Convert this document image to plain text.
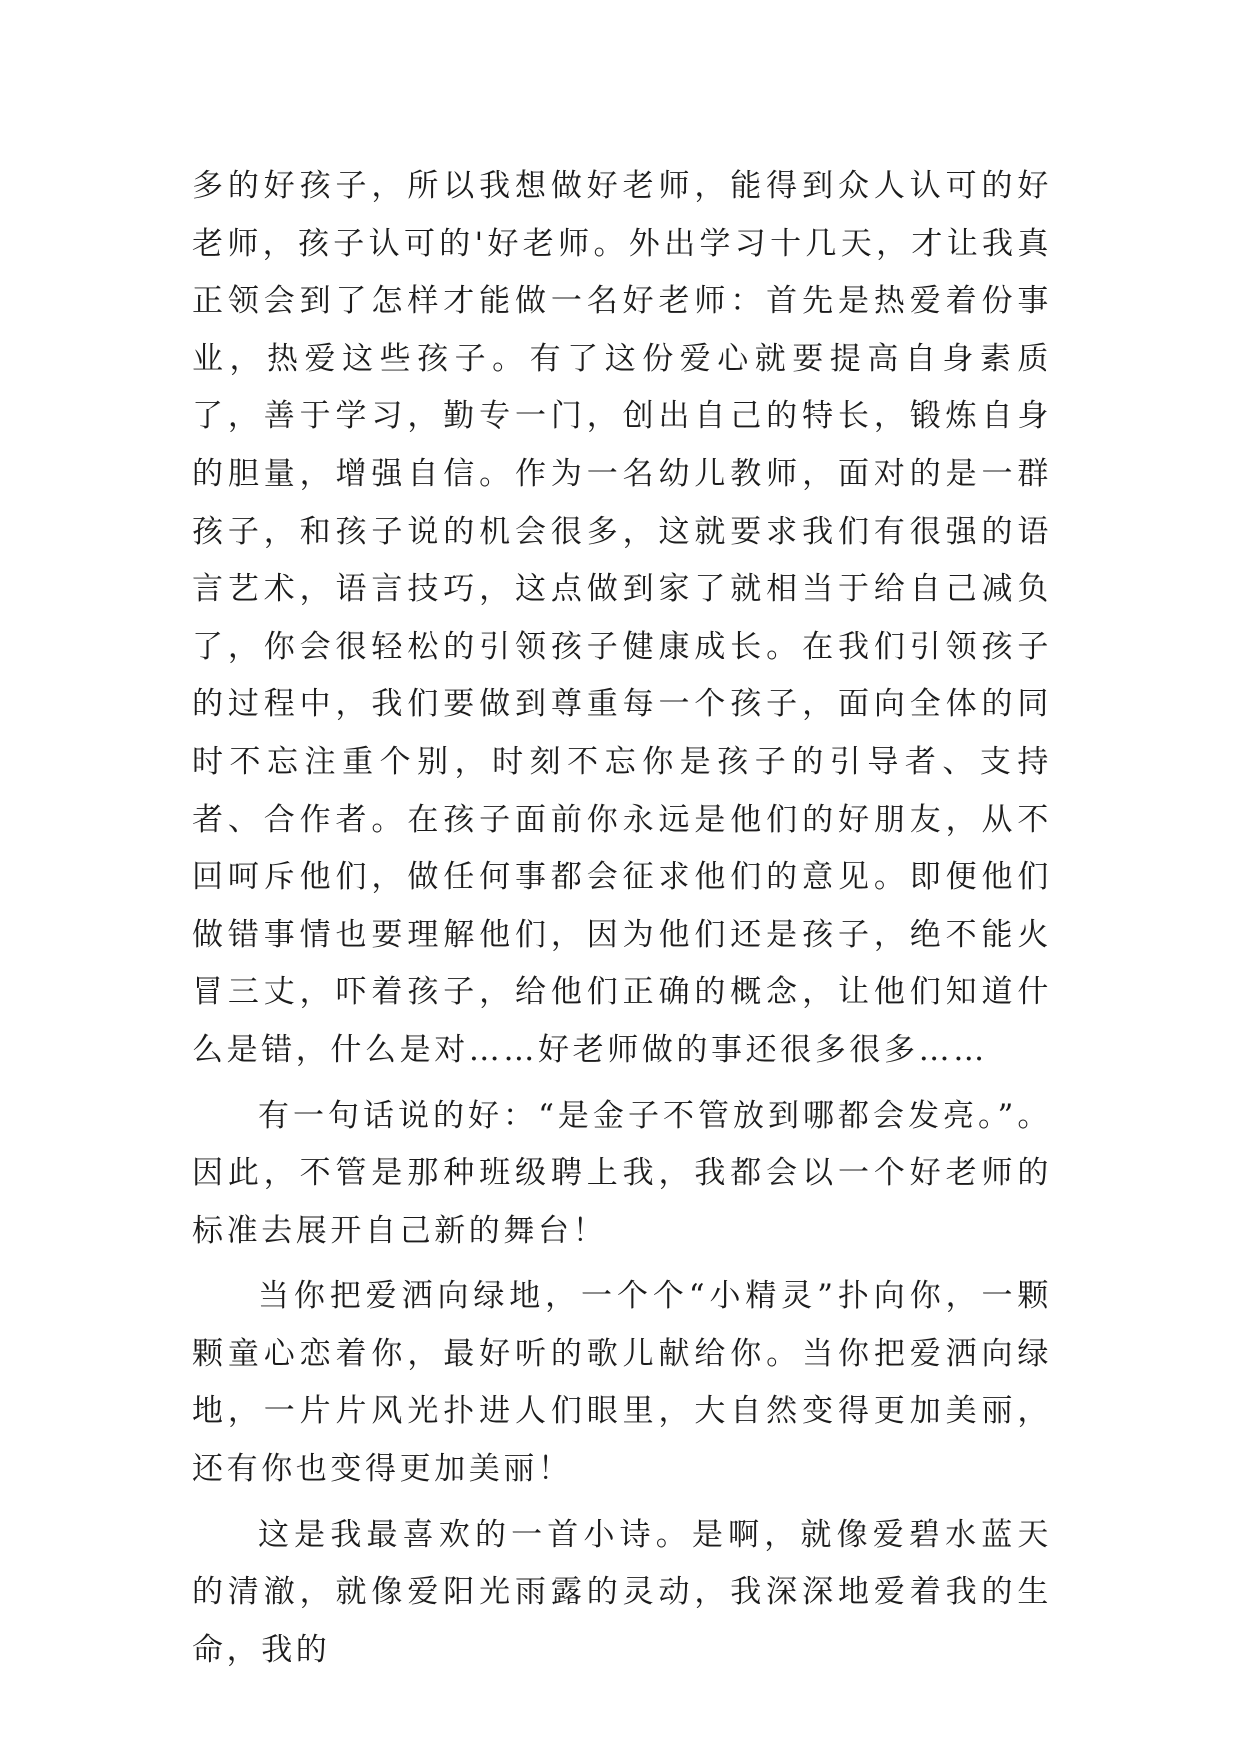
多的好孩子，所以我想做好老师，能得到众人认可的好老师，孩子认可的'好老师。外出学习十几天，才让我真正领会到了怎样才能做一名好老师：首先是热爱着份事业，热爱这些孩子。有了这份爱心就要提高自身素质了，善于学习，勤专一门，创出自己的特长，锻炼自身的胆量，增强自信。作为一名幼儿教师，面对的是一群孩子，和孩子说的机会很多，这就要求我们有很强的语言艺术，语言技巧，这点做到家了就相当于给自己减负了，你会很轻松的引领孩子健康成长。在我们引领孩子的过程中，我们要做到尊重每一个孩子，面向全体的同时不忘注重个别，时刻不忘你是孩子的引导者、支持者、合作者。在孩子面前你永远是他们的好朋友，从不回呵斥他们，做任何事都会征求他们的意见。即便他们做错事情也要理解他们，因为他们还是孩子，绝不能火冒三丈，吓着孩子，给他们正确的概念，让他们知道什么是错，什么是对……好老师做的事还很多很多……

有一句话说的好：“是金子不管放到哪都会发亮。”。因此，不管是那种班级聘上我，我都会以一个好老师的标准去展开自己新的舞台！

当你把爱洒向绿地，一个个“小精灵”扑向你，一颗颗童心恋着你，最好听的歌儿献给你。当你把爱洒向绿地，一片片风光扑进人们眼里，大自然变得更加美丽，还有你也变得更加美丽！

这是我最喜欢的一首小诗。是啊，就像爱碧水蓝天的清澈，就像爱阳光雨露的灵动，我深深地爱着我的生命，我的
